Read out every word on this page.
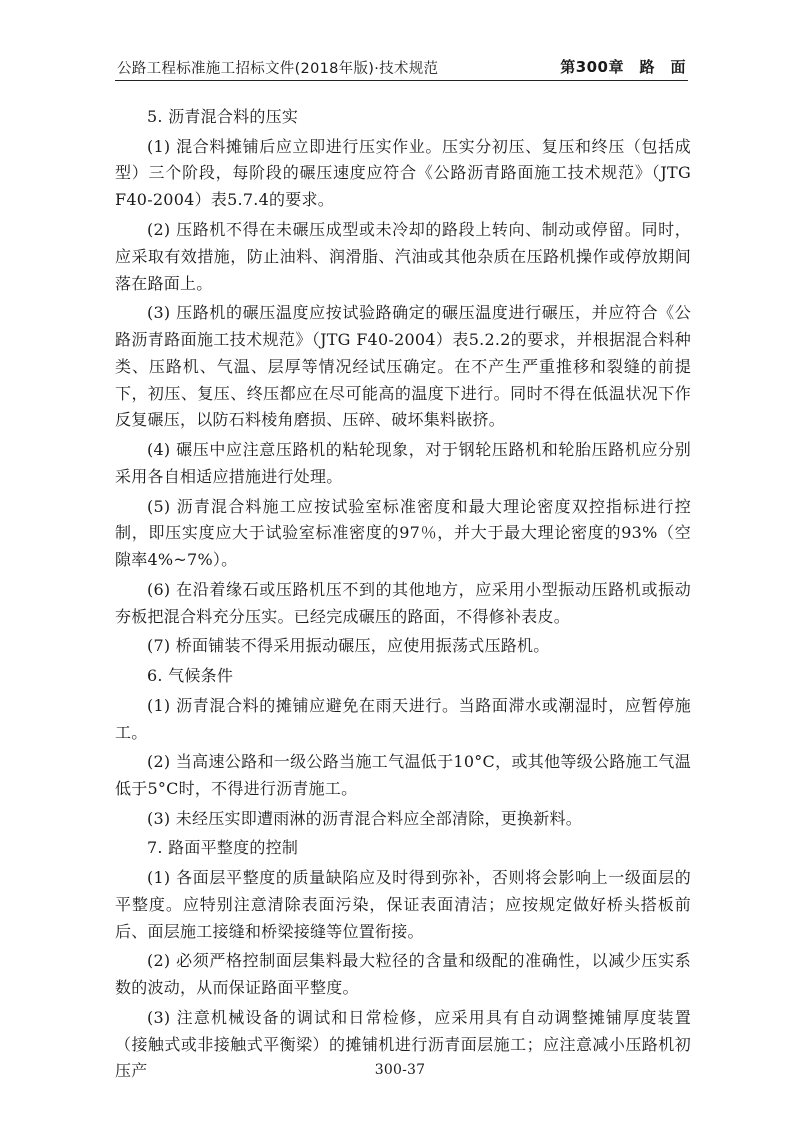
公路工程标准施工招标文件(2018年版)·技术规范	第300章　路　面

5. 沥青混合料的压实

(1) 混合料摊铺后应立即进行压实作业。压实分初压、复压和终压（包括成型）三个阶段，每阶段的碾压速度应符合《公路沥青路面施工技术规范》（JTG F40-2004）表5.7.4的要求。

(2) 压路机不得在未碾压成型或未冷却的路段上转向、制动或停留。同时，应采取有效措施，防止油料、润滑脂、汽油或其他杂质在压路机操作或停放期间落在路面上。

(3) 压路机的碾压温度应按试验路确定的碾压温度进行碾压，并应符合《公路沥青路面施工技术规范》（JTG F40-2004）表5.2.2的要求，并根据混合料种类、压路机、气温、层厚等情况经试压确定。在不产生严重推移和裂缝的前提下，初压、复压、终压都应在尽可能高的温度下进行。同时不得在低温状况下作反复碾压，以防石料棱角磨损、压碎、破坏集料嵌挤。

(4) 碾压中应注意压路机的粘轮现象，对于钢轮压路机和轮胎压路机应分别采用各自相适应措施进行处理。

(5) 沥青混合料施工应按试验室标准密度和最大理论密度双控指标进行控制，即压实度应大于试验室标准密度的97％，并大于最大理论密度的93%（空隙率4%~7%）。

(6) 在沿着缘石或压路机压不到的其他地方，应采用小型振动压路机或振动夯板把混合料充分压实。已经完成碾压的路面，不得修补表皮。

(7) 桥面铺装不得采用振动碾压，应使用振荡式压路机。

6. 气候条件

(1) 沥青混合料的摊铺应避免在雨天进行。当路面滞水或潮湿时，应暂停施工。

(2) 当高速公路和一级公路当施工气温低于10°C，或其他等级公路施工气温低于5°C时，不得进行沥青施工。

(3) 未经压实即遭雨淋的沥青混合料应全部清除，更换新料。

7. 路面平整度的控制

(1) 各面层平整度的质量缺陷应及时得到弥补，否则将会影响上一级面层的平整度。应特别注意清除表面污染，保证表面清洁；应按规定做好桥头搭板前后、面层施工接缝和桥梁接缝等位置衔接。

(2) 必须严格控制面层集料最大粒径的含量和级配的准确性，以减少压实系数的波动，从而保证路面平整度。

(3) 注意机械设备的调试和日常检修，应采用具有自动调整摊铺厚度装置（接触式或非接触式平衡梁）的摊铺机进行沥青面层施工；应注意减小压路机初压产	300-37
